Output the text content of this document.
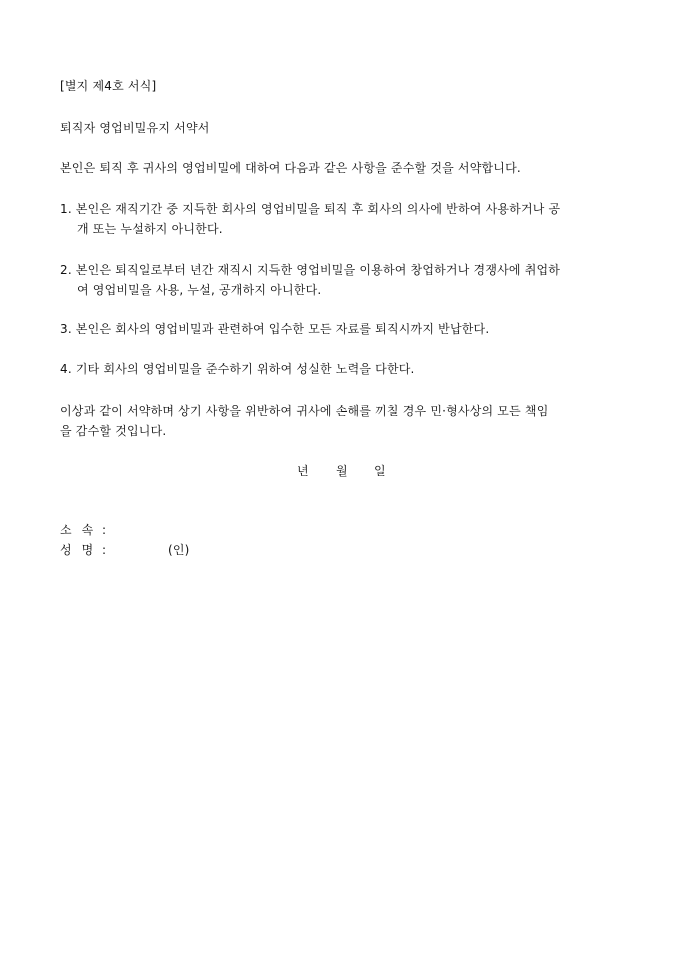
[별지 제4호 서식]
퇴직자 영업비밀유지 서약서
본인은 퇴직 후 귀사의 영업비밀에 대하여 다음과 같은 사항을 준수할 것을 서약합니다.
1. 본인은 재직기간 중 지득한 회사의 영업비밀을 퇴직 후 회사의 의사에 반하여 사용하거나 공
개 또는 누설하지 아니한다.
2. 본인은 퇴직일로부터 년간 재직시 지득한 영업비밀을 이용하여 창업하거나 경쟁사에 취업하
여 영업비밀을 사용, 누설, 공개하지 아니한다.
3. 본인은 회사의 영업비밀과 관련하여 입수한 모든 자료를 퇴직시까지 반납한다.
4. 기타 회사의 영업비밀을 준수하기 위하여 성실한 노력을 다한다.
이상과 같이 서약하며 상기 사항을 위반하여 귀사에 손해를 끼칠 경우 민·형사상의 모든 책임
을 감수할 것입니다.
년 월 일
소속
:
성명
:	(인)
